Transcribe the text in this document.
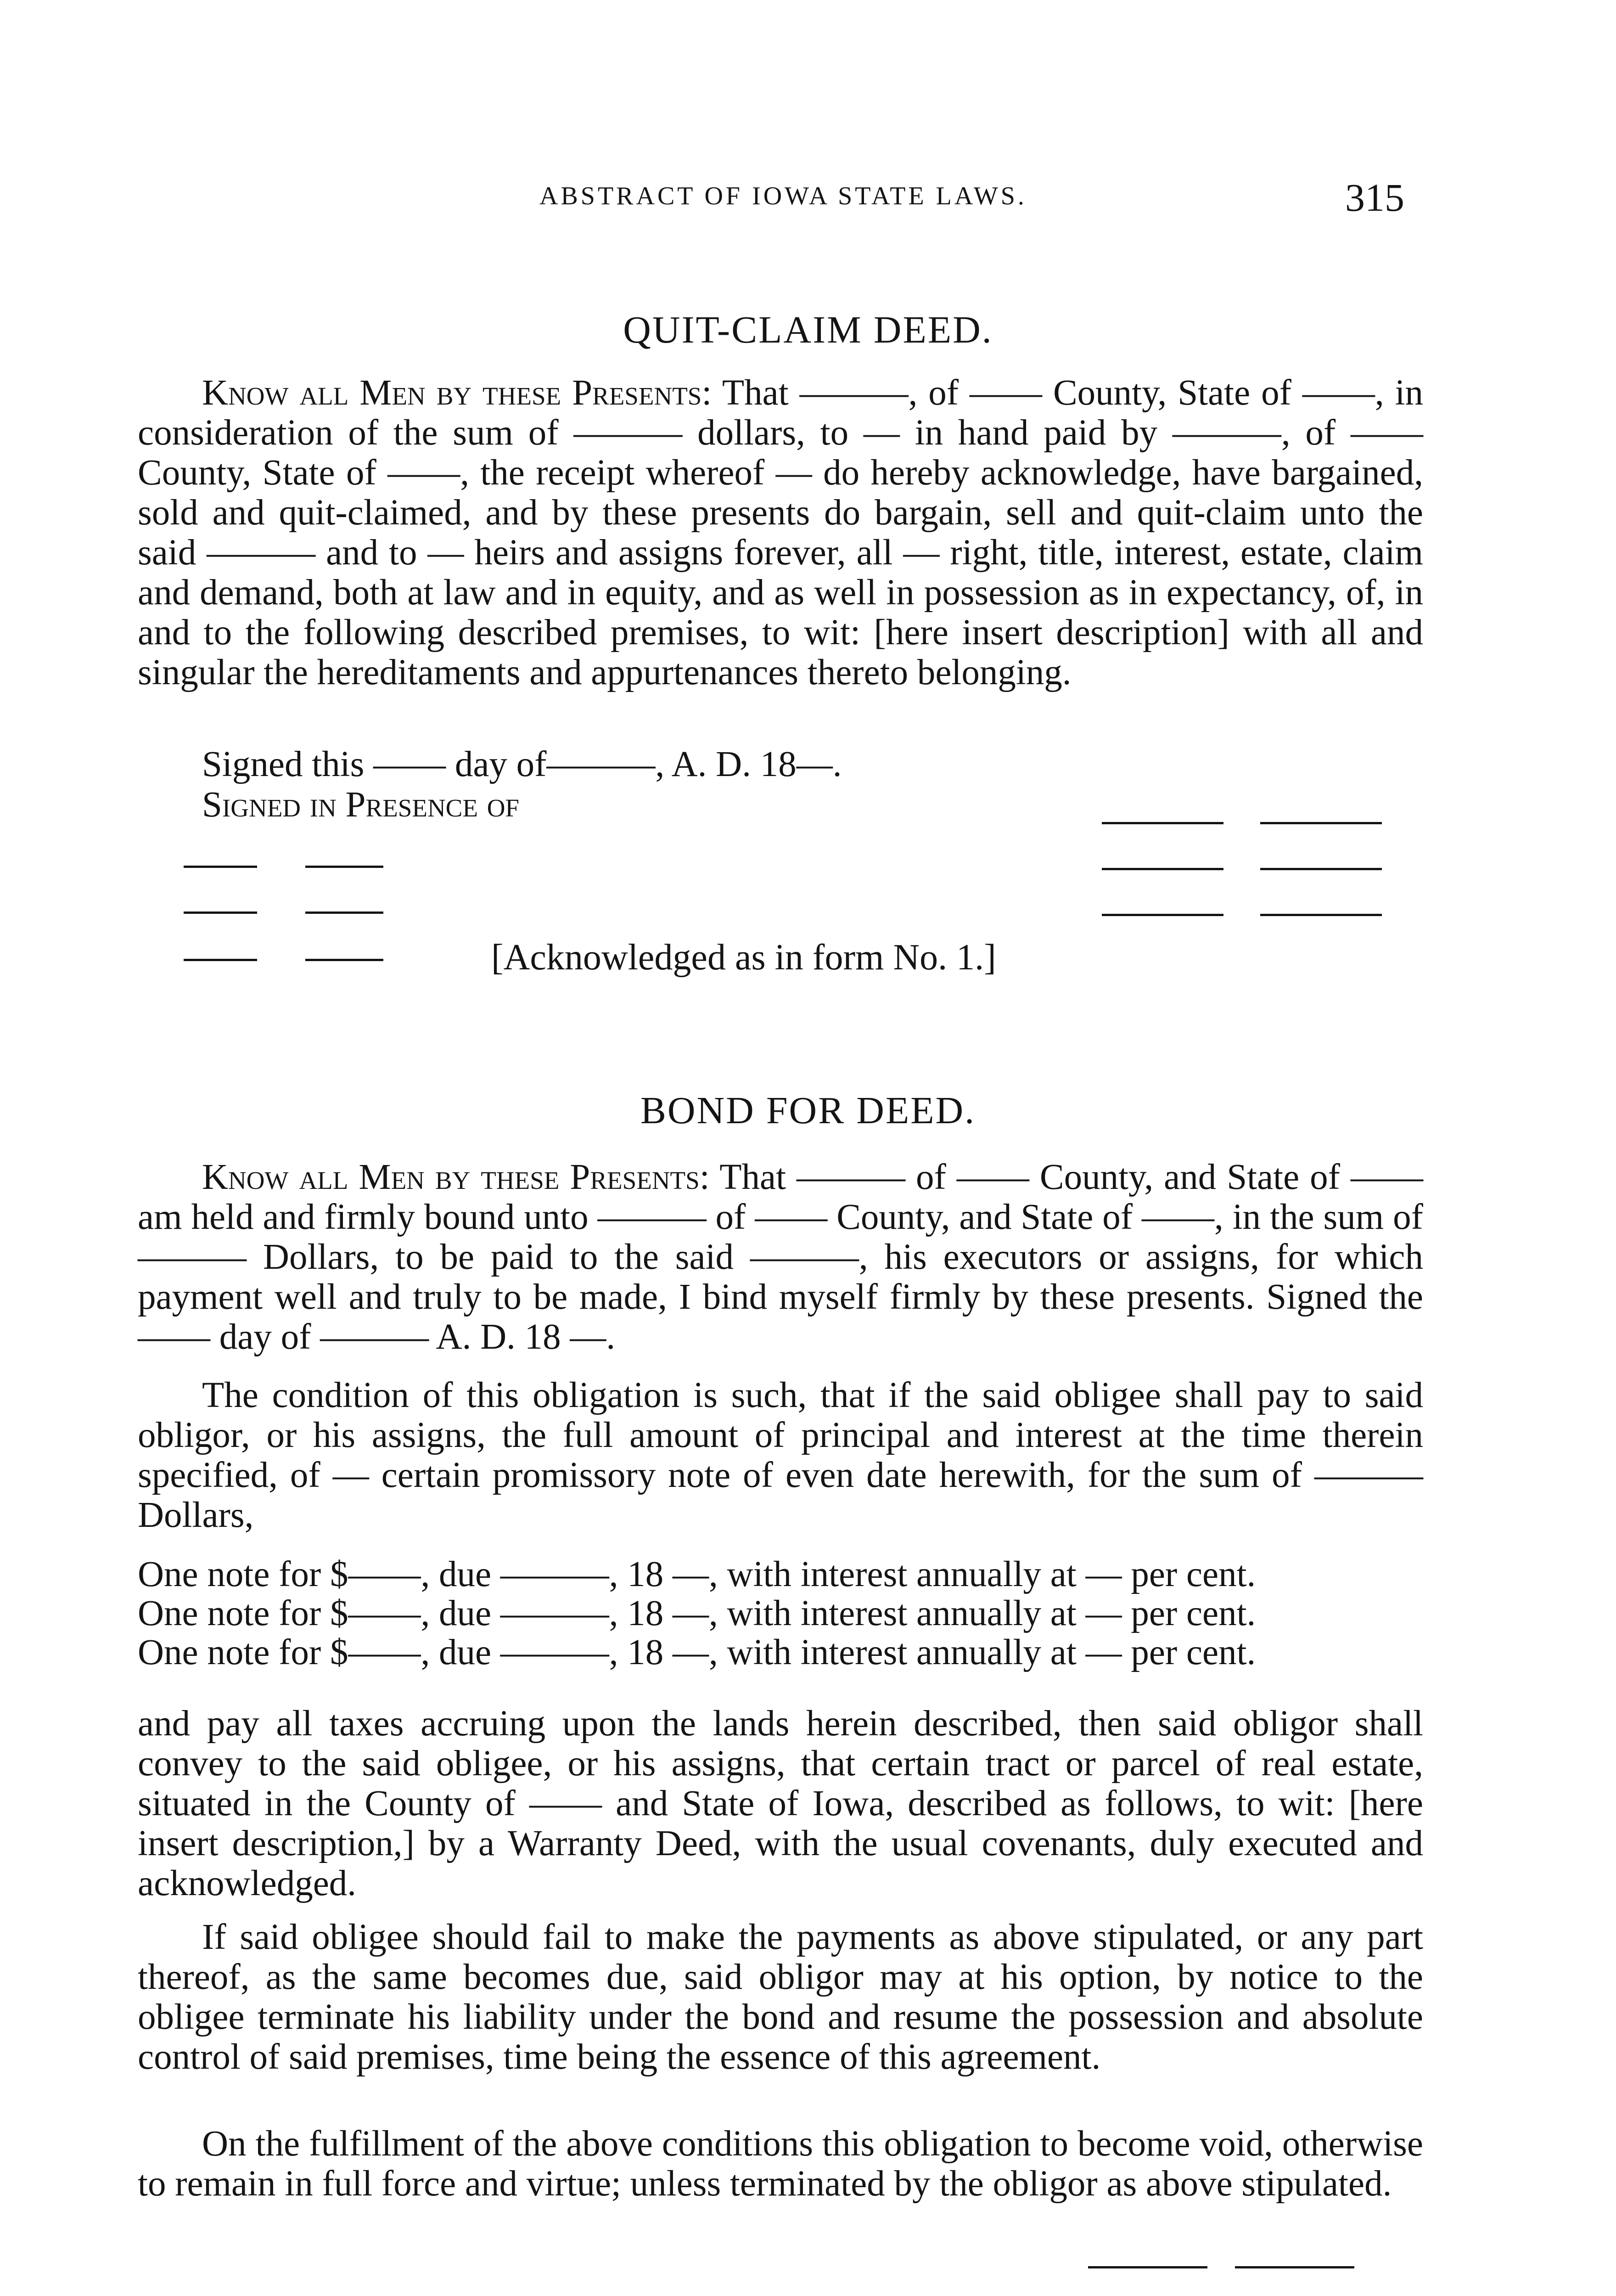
ABSTRACT OF IOWA STATE LAWS.	315
QUIT-CLAIM DEED.

Know all Men by these Presents: That ———, of —— County, State of ——, in consideration of the sum of ——— dollars, to — in hand paid by ———, of —— County, State of ——, the receipt whereof — do hereby acknowledge, have bargained, sold and quit-claimed, and by these presents do bargain, sell and quit-claim unto the said ——— and to — heirs and assigns forever, all — right, title, interest, estate, claim and demand, both at law and in equity, and as well in possession as in expectancy, of, in and to the following described premises, to wit: [here insert description] with all and singular the hereditaments and appurtenances thereto belonging.

Signed this —— day of———, A. D. 18—.
Signed in Presence of
[Acknowledged as in form No. 1.]
BOND FOR DEED.

Know all Men by these Presents: That ——— of —— County, and State of —— am held and firmly bound unto ——— of —— County, and State of ——, in the sum of ——— Dollars, to be paid to the said ———, his executors or assigns, for which payment well and truly to be made, I bind myself firmly by these presents. Signed the —— day of ——— A. D. 18 —.

The condition of this obligation is such, that if the said obligee shall pay to said obligor, or his assigns, the full amount of principal and interest at the time therein specified, of — certain promissory note of even date herewith, for the sum of ——— Dollars,

One note for $——, due ———, 18 —, with interest annually at — per cent.
One note for $——, due ———, 18 —, with interest annually at — per cent.
One note for $——, due ———, 18 —, with interest annually at — per cent.

and pay all taxes accruing upon the lands herein described, then said obligor shall convey to the said obligee, or his assigns, that certain tract or parcel of real estate, situated in the County of —— and State of Iowa, described as follows, to wit: [here insert description,] by a Warranty Deed, with the usual covenants, duly executed and acknowledged.

If said obligee should fail to make the payments as above stipulated, or any part thereof, as the same becomes due, said obligor may at his option, by notice to the obligee terminate his liability under the bond and resume the possession and absolute control of said premises, time being the essence of this agreement.

On the fulfillment of the above conditions this obligation to become void, otherwise to remain in full force and virtue; unless terminated by the obligor as above stipulated.
